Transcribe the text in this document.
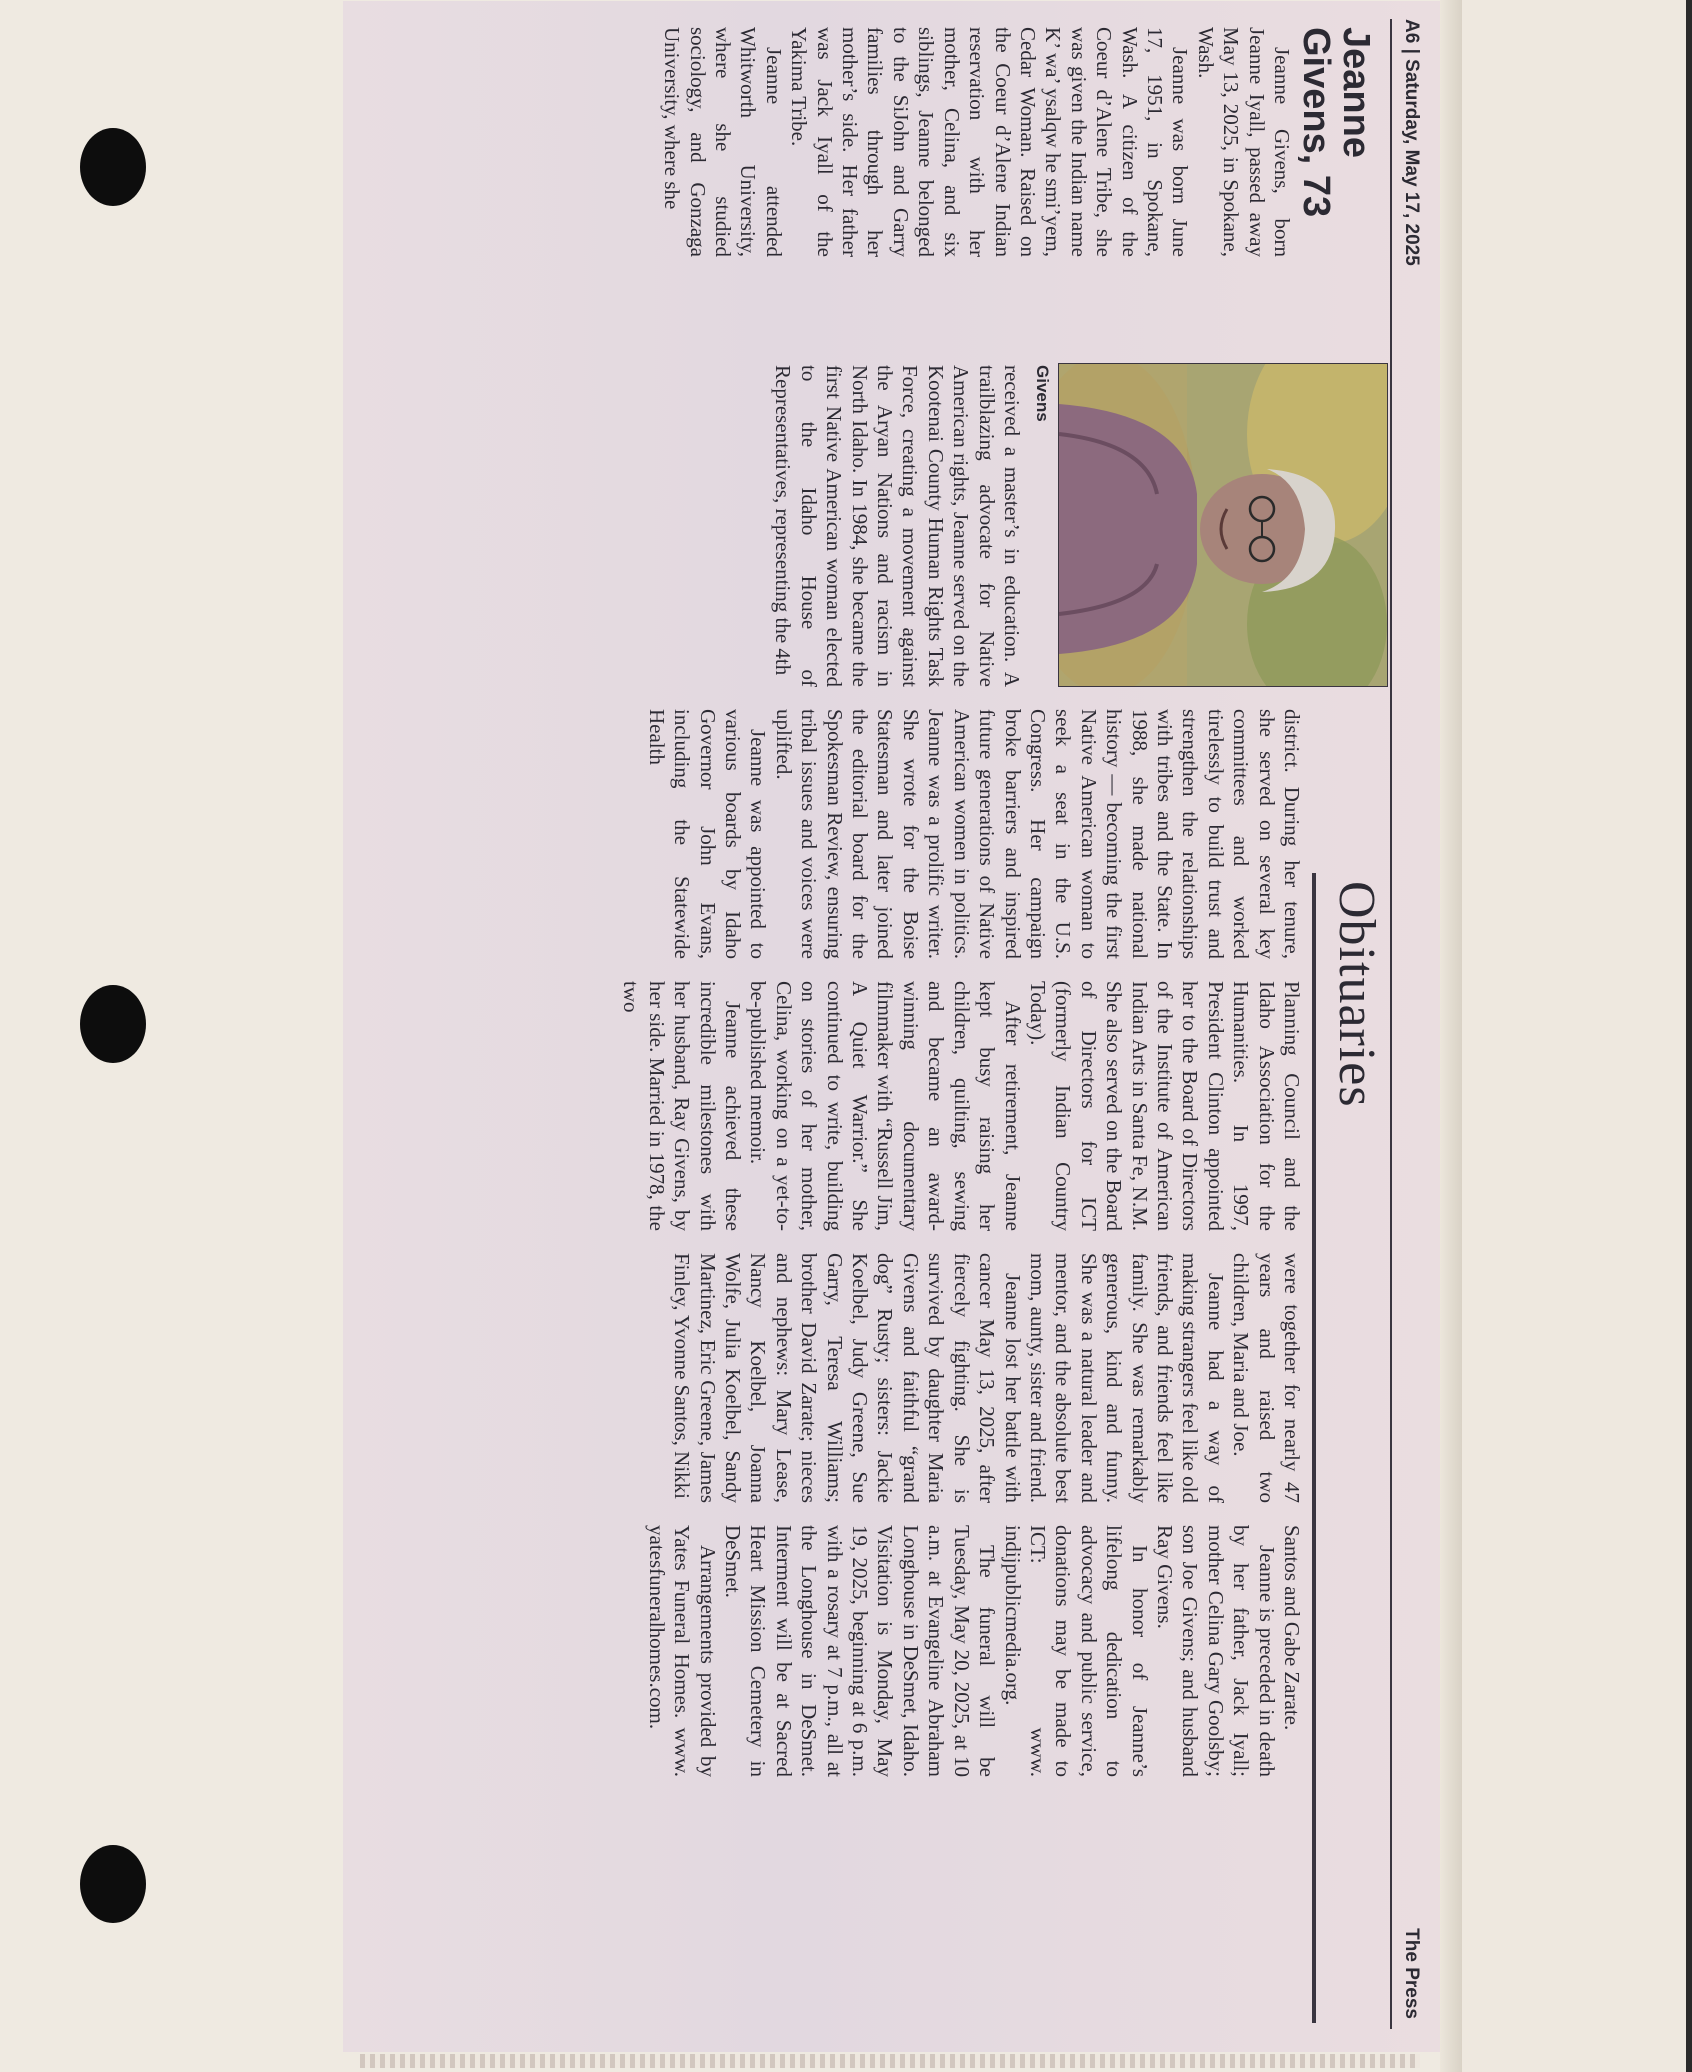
A6 | Saturday, May 17, 2025
The Press
Obituaries
Jeanne Givens, 73

Jeanne Givens, born Jeanne Iyall, passed away May 13, 2025, in Spokane, Wash.

Jeanne was born June 17, 1951, in Spokane, Wash. A citizen of the Coeur d’Alene Tribe, she was given the Indian name K’ wa’ ysalqw he smi’yem, Cedar Woman. Raised on the Coeur d’Alene Indian reservation with her mother, Celina, and six siblings, Jeanne belonged to the SiJohn and Garry families through her mother’s side. Her father was Jack Iyall of the Yakima Tribe.

Jeanne attended Whitworth University, where she studied sociology, and Gonzaga University, where she

Givens

received a master’s in education. A trailblazing advocate for Native American rights, Jeanne served on the Kootenai County Human Rights Task Force, creating a movement against the Aryan Nations and racism in North Idaho. In 1984, she became the first Native American woman elected to the Idaho House of Representatives, representing the 4th

district. During her tenure, she served on several key committees and worked tirelessly to build trust and strengthen the relationships with tribes and the State. In 1988, she made national history — becoming the first Native American woman to seek a seat in the U.S. Congress. Her campaign broke barriers and inspired future generations of Native American women in politics. Jeanne was a prolific writer. She wrote for the Boise Statesman and later joined the editorial board for the Spokesman Review, ensuring tribal issues and voices were uplifted.

Jeanne was appointed to various boards by Idaho Governor John Evans, including the Statewide Health

Planning Council and the Idaho Association for the Humanities. In 1997, President Clinton appointed her to the Board of Directors of the Institute of American Indian Arts in Santa Fe, N.M. She also served on the Board of Directors for ICT (formerly Indian Country Today).

After retirement, Jeanne kept busy raising her children, quilting, sewing and became an award-winning documentary filmmaker with “Russell Jim, A Quiet Warrior.” She continued to write, building on stories of her mother, Celina, working on a yet-to-be-published memoir.

Jeanne achieved these incredible milestones with her husband, Ray Givens, by her side. Married in 1978, the two

were together for nearly 47 years and raised two children, Maria and Joe.

Jeanne had a way of making strangers feel like old friends, and friends feel like family. She was remarkably generous, kind and funny. She was a natural leader and mentor, and the absolute best mom, aunty, sister and friend.

Jeanne lost her battle with cancer May 13, 2025, after fiercely fighting. She is survived by daughter Maria Givens and faithful “grand dog” Rusty; sisters: Jackie Koelbel, Judy Greene, Sue Garry, Teresa Williams; brother David Zarate; nieces and nephews: Mary Lease, Nancy Koelbel, Joanna Wolfe, Julia Koelbel, Sandy Martinez, Eric Greene, James Finley, Yvonne Santos, Nikki

Santos and Gabe Zarate.

Jeanne is preceded in death by her father, Jack Iyall; mother Celina Gary Goolsby; son Joe Givens; and husband Ray Givens.

In honor of Jeanne’s lifelong dedication to advocacy and public service, donations may be made to ICT: www. indijpublicmedia.org.

The funeral will be Tuesday, May 20, 2025, at 10 a.m. at Evangeline Abraham Longhouse in DeSmet, Idaho. Visitation is Monday, May 19, 2025, beginning at 6 p.m. with a rosary at 7 p.m., all at the Longhouse in DeSmet. Interment will be at Sacred Heart Mission Cemetery in DeSmet.

Arrangements provided by Yates Funeral Homes. www. yatesfuneralhomes.com.
